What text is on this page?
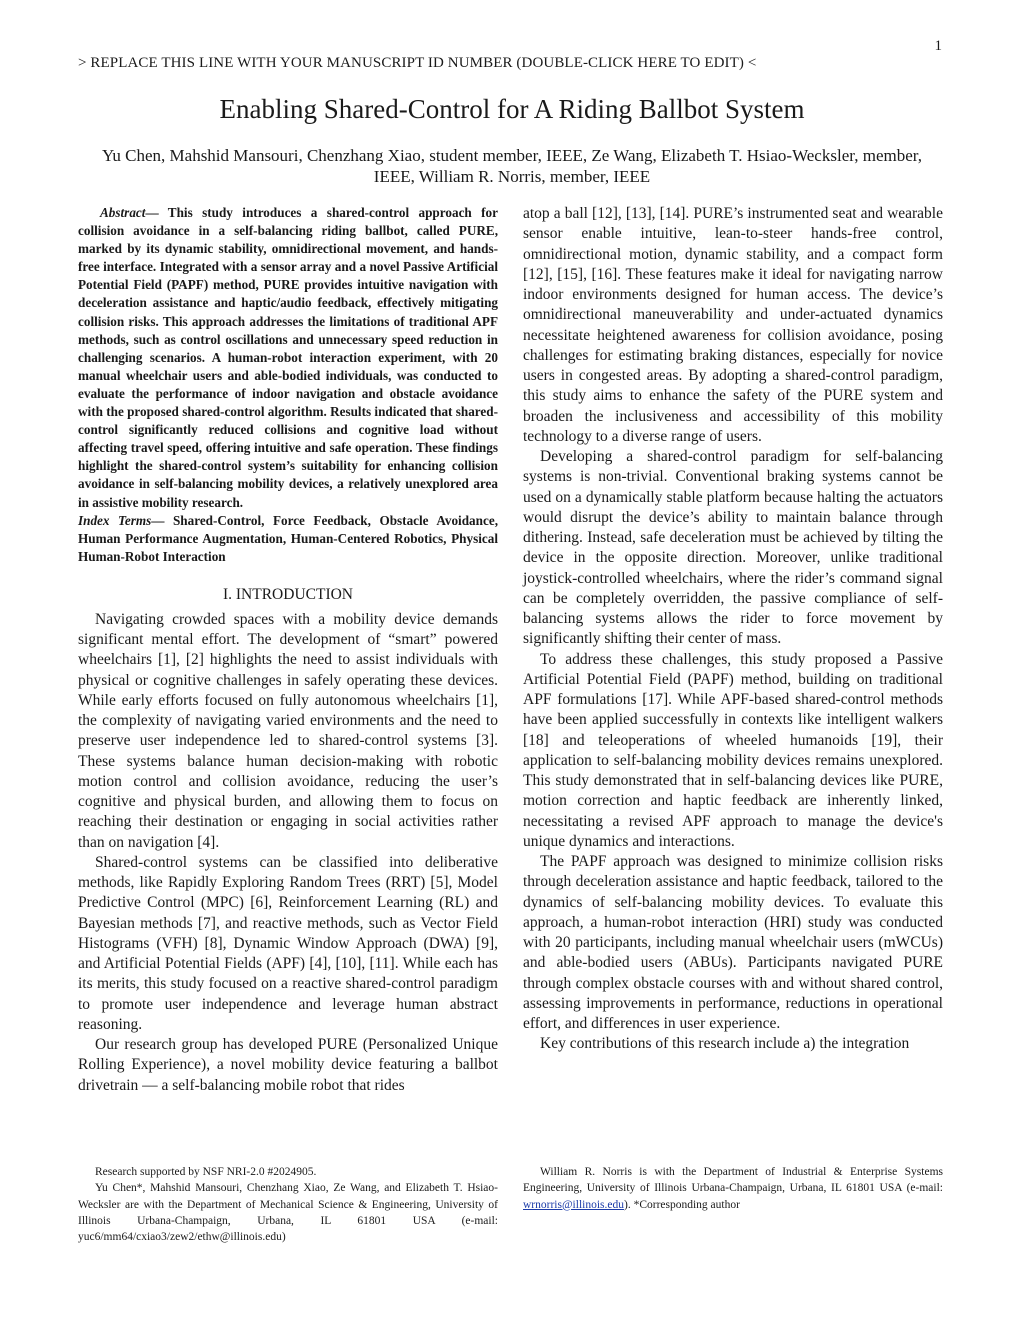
1
> REPLACE THIS LINE WITH YOUR MANUSCRIPT ID NUMBER (DOUBLE-CLICK HERE TO EDIT) <
Enabling Shared-Control for A Riding Ballbot System
Yu Chen, Mahshid Mansouri, Chenzhang Xiao, student member, IEEE, Ze Wang, Elizabeth T. Hsiao-Wecksler, member, IEEE, William R. Norris, member, IEEE

Abstract— This study introduces a shared-control approach for collision avoidance in a self-balancing riding ballbot, called PURE, marked by its dynamic stability, omnidirectional movement, and hands-free interface. Integrated with a sensor array and a novel Passive Artificial Potential Field (PAPF) method, PURE provides intuitive navigation with deceleration assistance and haptic/audio feedback, effectively mitigating collision risks. This approach addresses the limitations of traditional APF methods, such as control oscillations and unnecessary speed reduction in challenging scenarios. A human-robot interaction experiment, with 20 manual wheelchair users and able-bodied individuals, was conducted to evaluate the performance of indoor navigation and obstacle avoidance with the proposed shared-control algorithm. Results indicated that shared-control significantly reduced collisions and cognitive load without affecting travel speed, offering intuitive and safe operation. These findings highlight the shared-control system’s suitability for enhancing collision avoidance in self-balancing mobility devices, a relatively unexplored area in assistive mobility research.

Index Terms— Shared-Control, Force Feedback, Obstacle Avoidance, Human Performance Augmentation, Human-Centered Robotics, Physical Human-Robot Interaction

I. INTRODUCTION

Navigating crowded spaces with a mobility device demands significant mental effort. The development of “smart” powered wheelchairs [1], [2] highlights the need to assist individuals with physical or cognitive challenges in safely operating these devices. While early efforts focused on fully autonomous wheelchairs [1], the complexity of navigating varied environments and the need to preserve user independence led to shared-control systems [3]. These systems balance human decision-making with robotic motion control and collision avoidance, reducing the user’s cognitive and physical burden, and allowing them to focus on reaching their destination or engaging in social activities rather than on navigation [4].

Shared-control systems can be classified into deliberative methods, like Rapidly Exploring Random Trees (RRT) [5], Model Predictive Control (MPC) [6], Reinforcement Learning (RL) and Bayesian methods [7], and reactive methods, such as Vector Field Histograms (VFH) [8], Dynamic Window Approach (DWA) [9], and Artificial Potential Fields (APF) [4], [10], [11]. While each has its merits, this study focused on a reactive shared-control paradigm to promote user independence and leverage human abstract reasoning.

Our research group has developed PURE (Personalized Unique Rolling Experience), a novel mobility device featuring a ballbot drivetrain — a self-balancing mobile robot that rides

atop a ball [12], [13], [14]. PURE’s instrumented seat and wearable sensor enable intuitive, lean-to-steer hands-free control, omnidirectional motion, dynamic stability, and a compact form [12], [15], [16]. These features make it ideal for navigating narrow indoor environments designed for human access. The device’s omnidirectional maneuverability and under-actuated dynamics necessitate heightened awareness for collision avoidance, posing challenges for estimating braking distances, especially for novice users in congested areas. By adopting a shared-control paradigm, this study aims to enhance the safety of the PURE system and broaden the inclusiveness and accessibility of this mobility technology to a diverse range of users.

Developing a shared-control paradigm for self-balancing systems is non-trivial. Conventional braking systems cannot be used on a dynamically stable platform because halting the actuators would disrupt the device’s ability to maintain balance through dithering. Instead, safe deceleration must be achieved by tilting the device in the opposite direction. Moreover, unlike traditional joystick-controlled wheelchairs, where the rider’s command signal can be completely overridden, the passive compliance of self-balancing systems allows the rider to force movement by significantly shifting their center of mass.

To address these challenges, this study proposed a Passive Artificial Potential Field (PAPF) method, building on traditional APF formulations [17]. While APF-based shared-control methods have been applied successfully in contexts like intelligent walkers [18] and teleoperations of wheeled humanoids [19], their application to self-balancing mobility devices remains unexplored. This study demonstrated that in self-balancing devices like PURE, motion correction and haptic feedback are inherently linked, necessitating a revised APF approach to manage the device's unique dynamics and interactions.

The PAPF approach was designed to minimize collision risks through deceleration assistance and haptic feedback, tailored to the dynamics of self-balancing mobility devices. To evaluate this approach, a human-robot interaction (HRI) study was conducted with 20 participants, including manual wheelchair users (mWCUs) and able-bodied users (ABUs). Participants navigated PURE through complex obstacle courses with and without shared control, assessing improvements in performance, reductions in operational effort, and differences in user experience.

Key contributions of this research include a) the integration

Research supported by NSF NRI-2.0 #2024905.

Yu Chen*, Mahshid Mansouri, Chenzhang Xiao, Ze Wang, and Elizabeth T. Hsiao-Wecksler are with the Department of Mechanical Science & Engineering, University of Illinois Urbana-Champaign, Urbana, IL 61801 USA (e-mail: yuc6/mm64/cxiao3/zew2/ethw@illinois.edu)

William R. Norris is with the Department of Industrial & Enterprise Systems Engineering, University of Illinois Urbana-Champaign, Urbana, IL 61801 USA (e-mail: wrnorris@illinois.edu). *Corresponding author
